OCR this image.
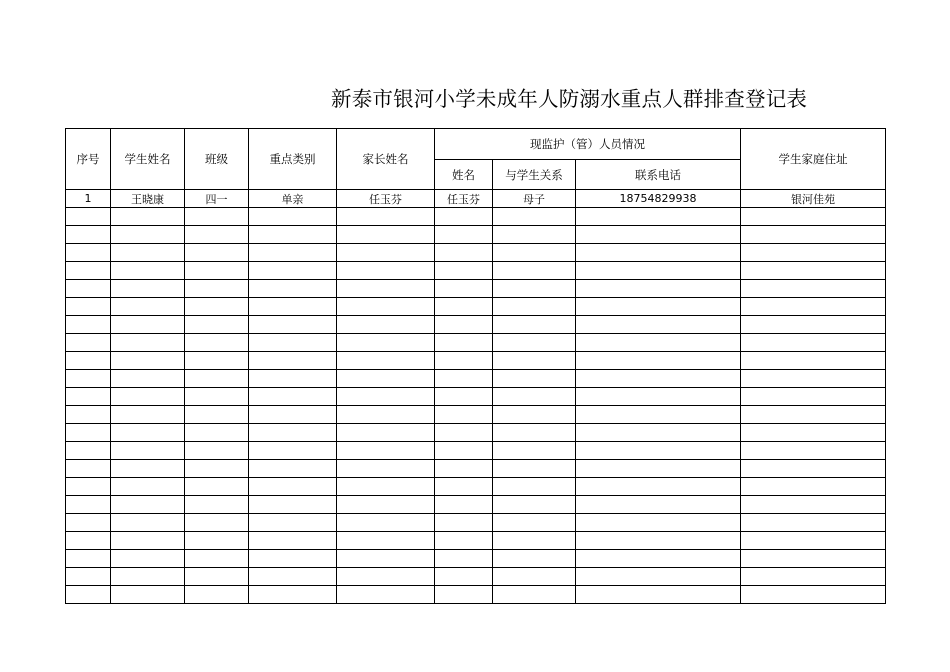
新泰市银河小学未成年人防溺水重点人群排查登记表
序号	学生姓名	班级	重点类别	家长姓名	现监护（管）人员情况			学生家庭住址
					姓名	与学生关系	联系电话	
1	王晓康	四一	单亲	任玉芬	任玉芬	母子	18754829938	银河佳苑
